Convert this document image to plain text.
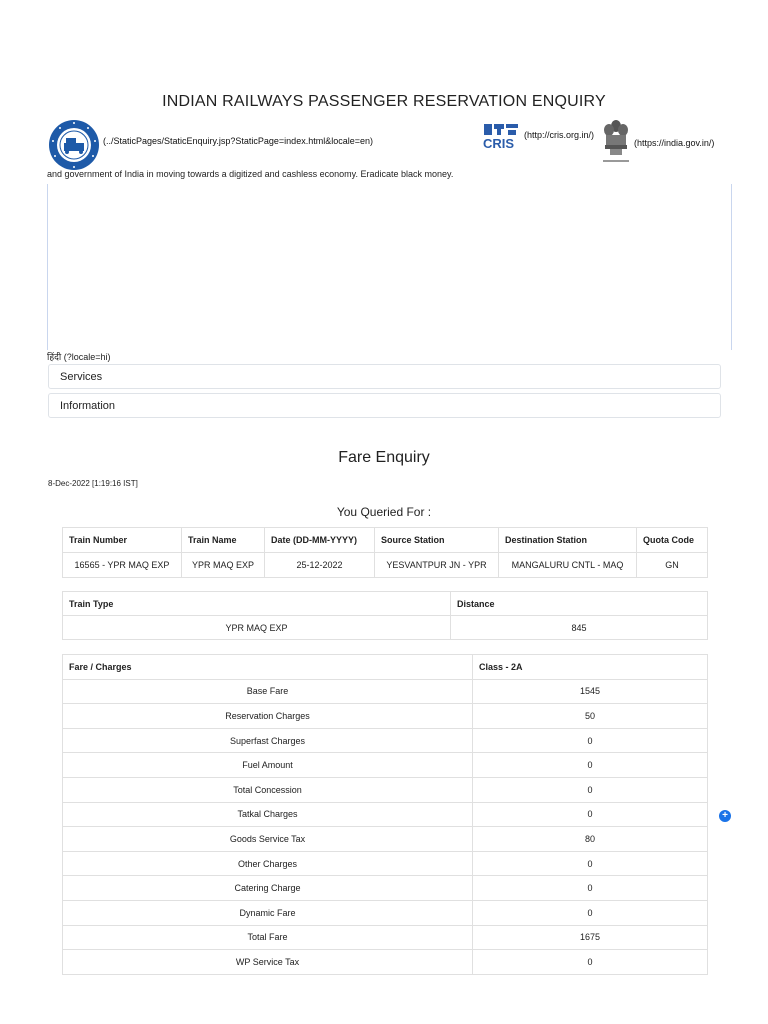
INDIAN RAILWAYS PASSENGER RESERVATION ENQUIRY
(../StaticPages/StaticEnquiry.jsp?StaticPage=index.html&locale=en)	CRIS
(http://cris.org.in/)
(https://india.gov.in/)
and government of India in moving towards a digitized and cashless economy. Eradicate black money.
हिंदी (?locale=hi)
Services
Information
Fare Enquiry
8-Dec-2022 [1:19:16 IST]
You Queried For :
Train Number	Train Name	Date (DD-MM-YYYY)	Source Station	Destination Station	Quota Code
16565 - YPR MAQ EXP	YPR MAQ EXP	25-12-2022	YESVANTPUR JN - YPR	MANGALURU CNTL - MAQ	GN
Train Type	Distance
YPR MAQ EXP	845
Fare / Charges	Class - 2A
Base Fare	1545
Reservation Charges	50
Superfast Charges	0
Fuel Amount	0
Total Concession	0
Tatkal Charges	0
Goods Service Tax	80
Other Charges	0
Catering Charge	0
Dynamic Fare	0
Total Fare	1675
WP Service Tax	0
+
